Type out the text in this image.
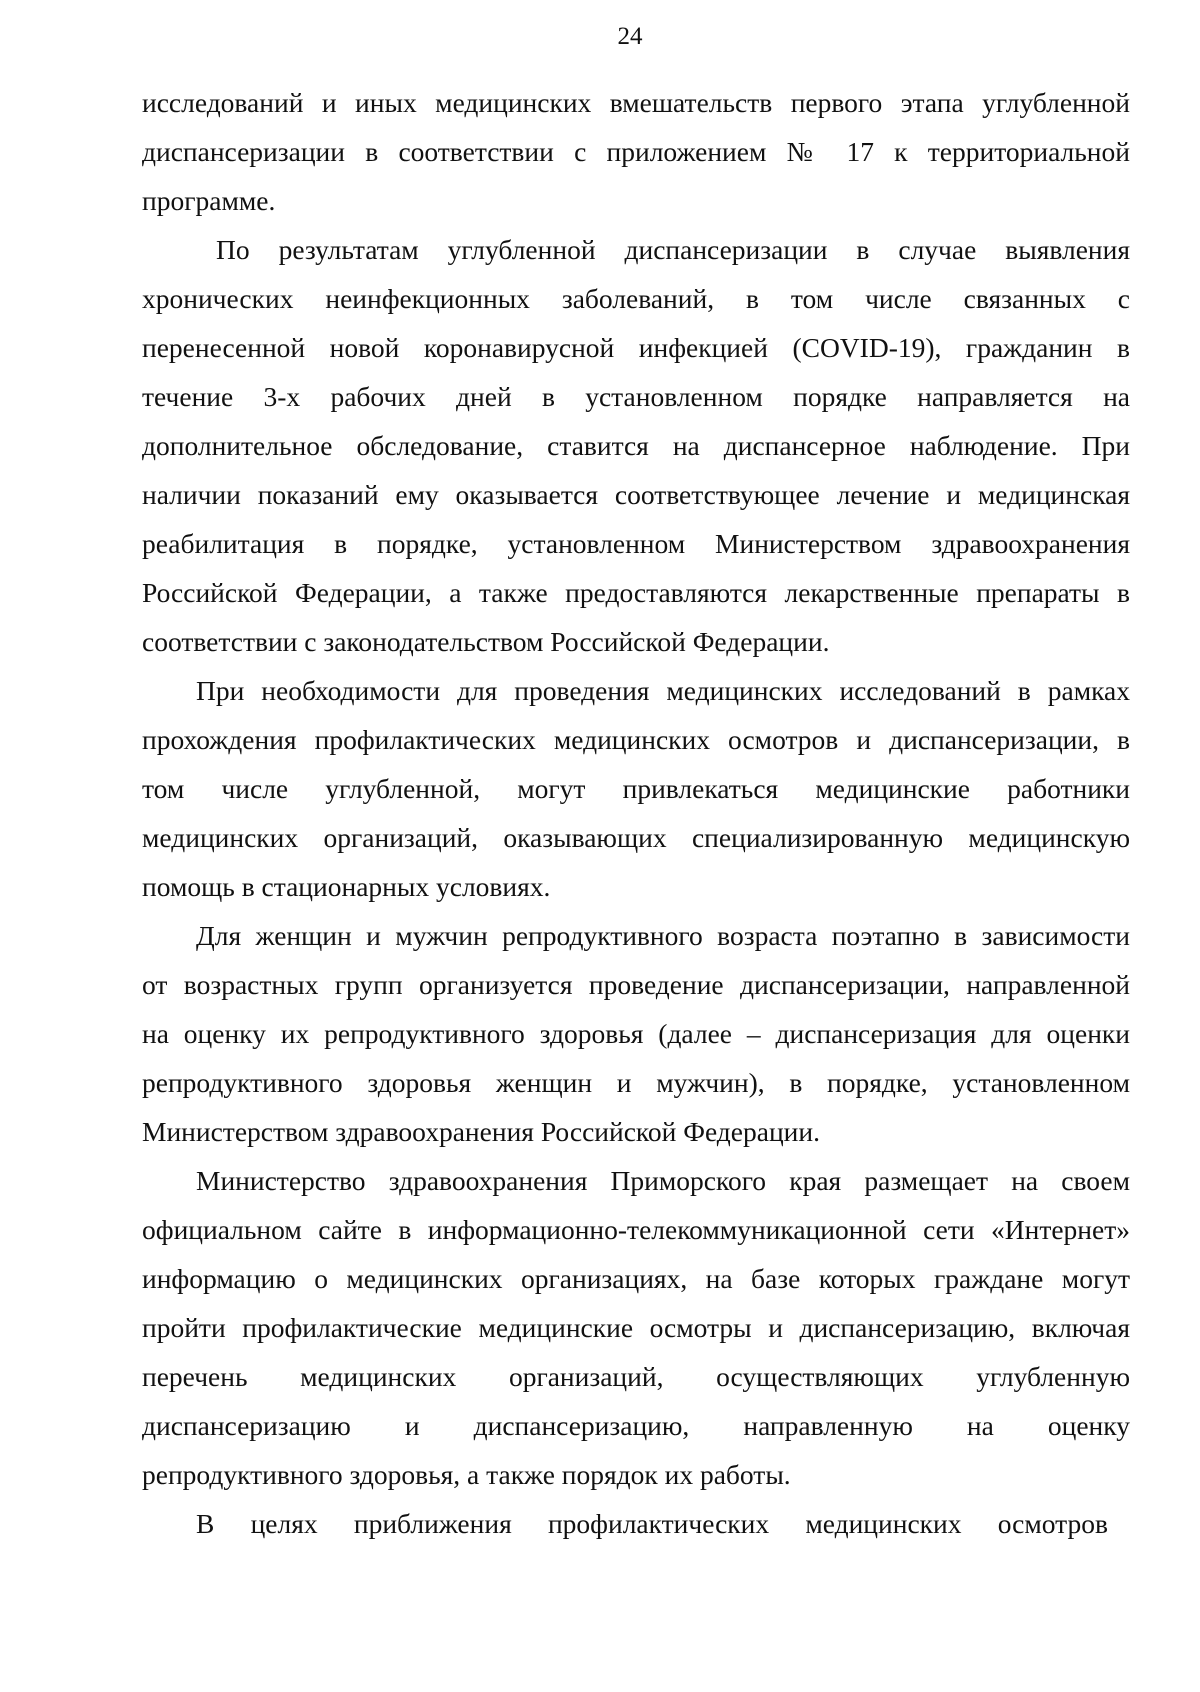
24
исследований и иных медицинских вмешательств первого этапа углубленной
диспансеризации в соответствии с приложением № 17 к территориальной
программе.
По результатам углубленной диспансеризации в случае выявления
хронических неинфекционных заболеваний, в том числе связанных с
перенесенной новой коронавирусной инфекцией (COVID-19), гражданин в
течение 3-х рабочих дней в установленном порядке направляется на
дополнительное обследование, ставится на диспансерное наблюдение. При
наличии показаний ему оказывается соответствующее лечение и медицинская
реабилитация в порядке, установленном Министерством здравоохранения
Российской Федерации, а также предоставляются лекарственные препараты в
соответствии с законодательством Российской Федерации.
При необходимости для проведения медицинских исследований в рамках
прохождения профилактических медицинских осмотров и диспансеризации, в
том числе углубленной, могут привлекаться медицинские работники
медицинских организаций, оказывающих специализированную медицинскую
помощь в стационарных условиях.
Для женщин и мужчин репродуктивного возраста поэтапно в зависимости
от возрастных групп организуется проведение диспансеризации, направленной
на оценку их репродуктивного здоровья (далее – диспансеризация для оценки
репродуктивного здоровья женщин и мужчин), в порядке, установленном
Министерством здравоохранения Российской Федерации.
Министерство здравоохранения Приморского края размещает на своем
официальном сайте в информационно-телекоммуникационной сети «Интернет»
информацию о медицинских организациях, на базе которых граждане могут
пройти профилактические медицинские осмотры и диспансеризацию, включая
перечень медицинских организаций, осуществляющих углубленную
диспансеризацию и диспансеризацию, направленную на оценку
репродуктивного здоровья, а также порядок их работы.
В целях приближения профилактических медицинских осмотров
